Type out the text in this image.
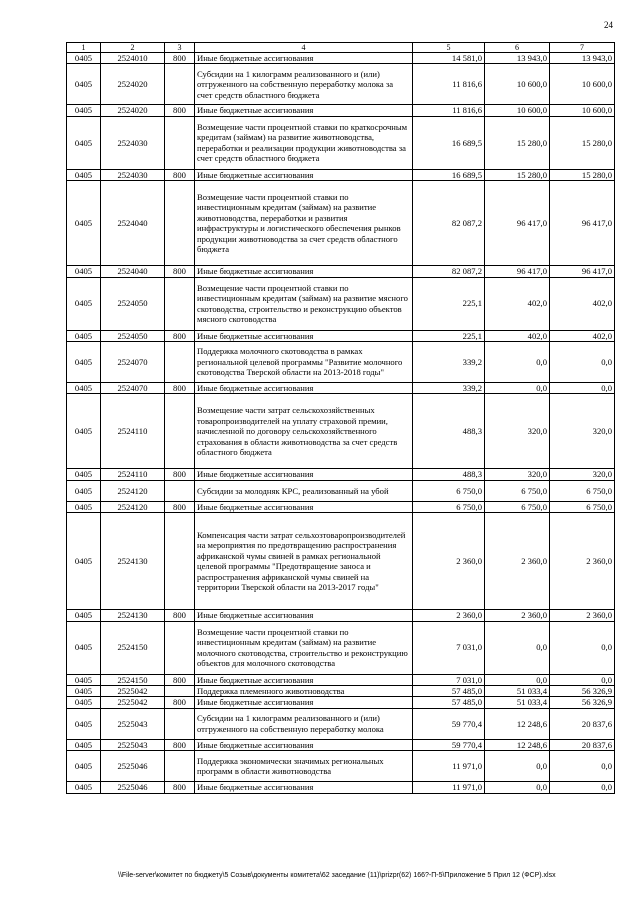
24
1	2	3	4	5	6	7
0405	2524010	800	Иные бюджетные ассигнования	14 581,0	13 943,0	13 943,0
0405	2524020		Субсидии на 1 килограмм реализованного и (или) отгруженного на собственную переработку молока за счет средств областного бюджета	11 816,6	10 600,0	10 600,0
0405	2524020	800	Иные бюджетные ассигнования	11 816,6	10 600,0	10 600,0
0405	2524030		Возмещение части процентной ставки по краткосрочным кредитам (займам) на развитие животноводства, переработки и реализации продукции животноводства за счет средств областного бюджета	16 689,5	15 280,0	15 280,0
0405	2524030	800	Иные бюджетные ассигнования	16 689,5	15 280,0	15 280,0
0405	2524040		Возмещение части процентной ставки по инвестиционным кредитам (займам) на развитие животноводства, переработки и развития инфраструктуры и логистического обеспечения рынков продукции животноводства за счет средств областного бюджета	82 087,2	96 417,0	96 417,0
0405	2524040	800	Иные бюджетные ассигнования	82 087,2	96 417,0	96 417,0
0405	2524050		Возмещение части процентной ставки по инвестиционным кредитам (займам) на развитие мясного скотоводства, строительство и реконструкцию объектов мясного скотоводства	225,1	402,0	402,0
0405	2524050	800	Иные бюджетные ассигнования	225,1	402,0	402,0
0405	2524070		Поддержка молочного скотоводства в рамках региональной целевой программы "Развитие молочного скотоводства Тверской области на 2013-2018 годы"	339,2	0,0	0,0
0405	2524070	800	Иные бюджетные ассигнования	339,2	0,0	0,0
0405	2524110		Возмещение части затрат сельскохозяйственных товаропроизводителей на уплату страховой премии, начисленной по договору сельскохозяйственного страхования в области животноводства за счет средств областного бюджета	488,3	320,0	320,0
0405	2524110	800	Иные бюджетные ассигнования	488,3	320,0	320,0
0405	2524120		Субсидии за молодняк КРС, реализованный на убой	6 750,0	6 750,0	6 750,0
0405	2524120	800	Иные бюджетные ассигнования	6 750,0	6 750,0	6 750,0
0405	2524130		Компенсация части затрат сельхозтоваропроизводителей на мероприятия по предотвращению распространения африканской чумы свиней в рамках региональной целевой программы "Предотвращение заноса и распространения африканской чумы свиней на территории Тверской области на 2013-2017 годы"	2 360,0	2 360,0	2 360,0
0405	2524130	800	Иные бюджетные ассигнования	2 360,0	2 360,0	2 360,0
0405	2524150		Возмещение части процентной ставки по инвестиционным кредитам (займам) на развитие молочного скотоводства, строительство и реконструкцию объектов для молочного скотоводства	7 031,0	0,0	0,0
0405	2524150	800	Иные бюджетные ассигнования	7 031,0	0,0	0,0
0405	2525042		Поддержка племенного животноводства	57 485,0	51 033,4	56 326,9
0405	2525042	800	Иные бюджетные ассигнования	57 485,0	51 033,4	56 326,9
0405	2525043		Субсидии на 1 килограмм реализованного и (или) отгруженного на собственную переработку молока	59 770,4	12 248,6	20 837,6
0405	2525043	800	Иные бюджетные ассигнования	59 770,4	12 248,6	20 837,6
0405	2525046		Поддержка экономически значимых региональных программ в области животноводства	11 971,0	0,0	0,0
0405	2525046	800	Иные бюджетные ассигнования	11 971,0	0,0	0,0
\\File-server\комитет по бюджету\5 Созыв\документы комитета\62 заседание (11)\prizpr(62) 166?-П-5\Приложение 5 Прил 12 (ФСР).xlsx
